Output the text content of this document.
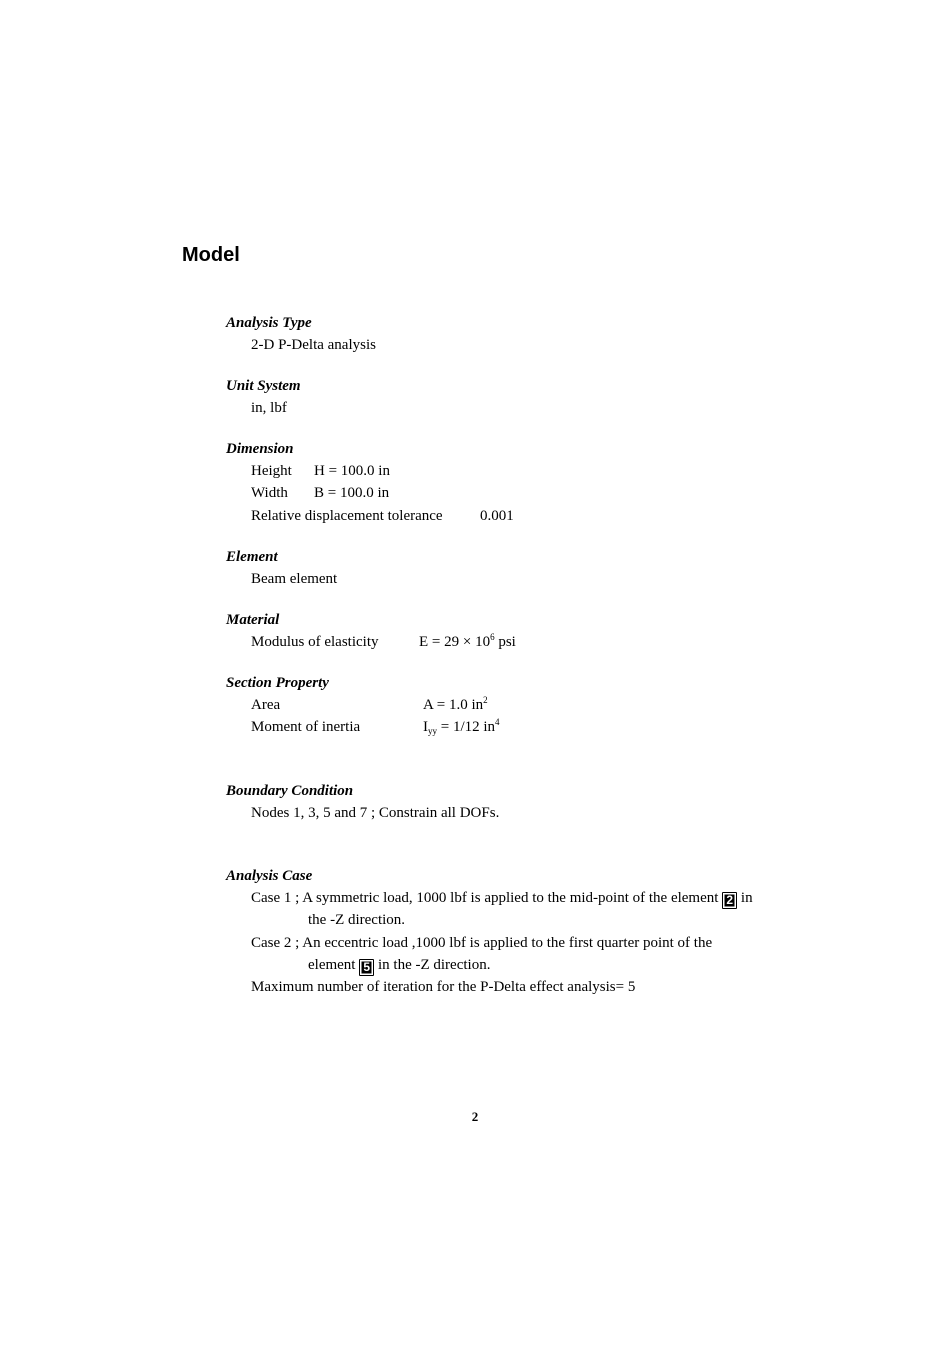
Model
Analysis Type
2-D P-Delta analysis
Unit System
in, lbf
Dimension
Height H = 100.0 in
Width B = 100.0 in
Relative displacement tolerance 0.001
Element
Beam element
Material
Modulus of elasticity	$E = 29 \times 10^6$ psi
Section Property
Area	A = 1.0 $in^2$
Moment of inertia	$I_{yy} = 1/12$ $in^4$
Boundary Condition
Nodes 1, 3, 5 and 7 ; Constrain all DOFs.
Analysis Case
Case 1 ; A symmetric load, 1000 lbf is applied to the mid-point of the element 2 in
the -Z direction.
Case 2 ; An eccentric load ,1000 lbf is applied to the first quarter point of the
element 5 in the -Z direction.
Maximum number of iteration for the P-Delta effect analysis= 5
2
